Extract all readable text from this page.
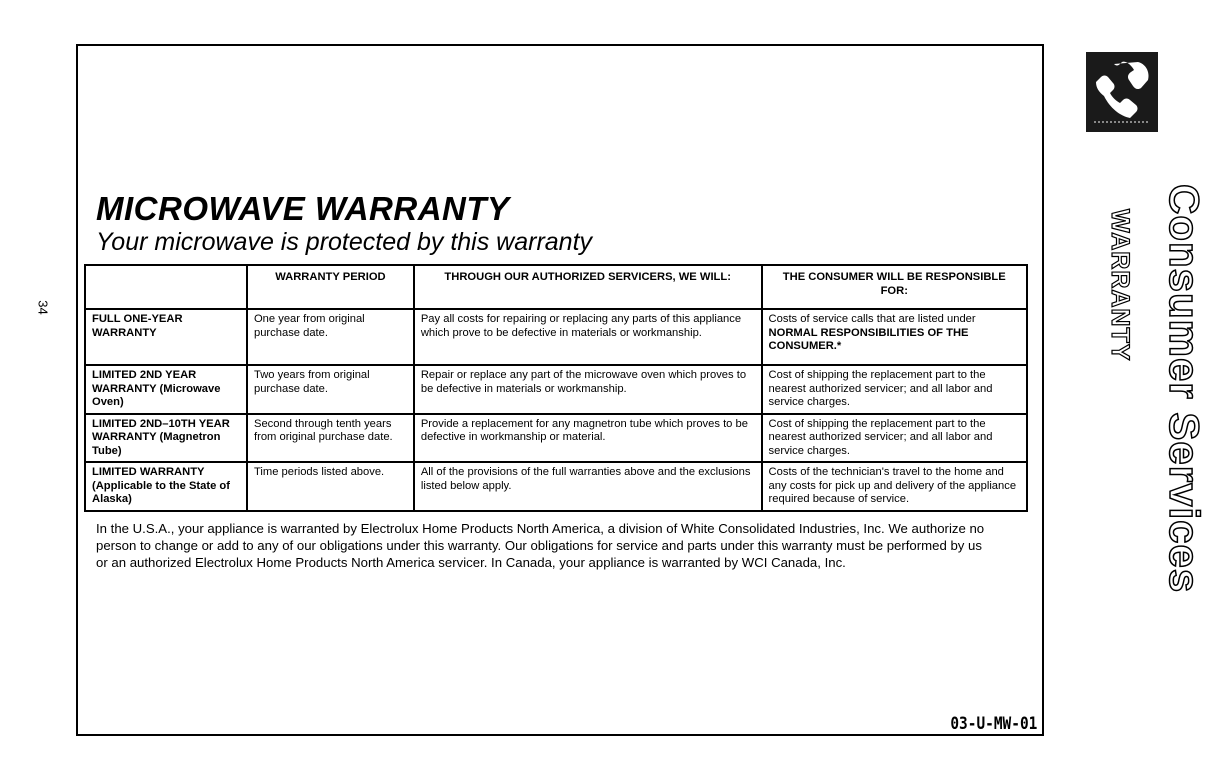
34
MICROWAVE WARRANTY
Your microwave is protected by this warranty
	WARRANTY PERIOD	THROUGH OUR AUTHORIZED SERVICERS, WE WILL:	THE CONSUMER WILL BE RESPONSIBLE FOR:
FULL ONE-YEAR WARRANTY	One year from original purchase date.	Pay all costs for repairing or replacing any parts of this appliance which prove to be defective in materials or workmanship.	Costs of service calls that are listed under NORMAL RESPONSIBILITIES OF THE CONSUMER.*
LIMITED 2ND YEAR WARRANTY (Microwave Oven)	Two years from original purchase date.	Repair or replace any part of the microwave oven which proves to be defective in materials or workmanship.	Cost of shipping the replacement part to the nearest authorized servicer; and all labor and service charges.
LIMITED 2ND–10TH YEAR WARRANTY (Magnetron Tube)	Second through tenth years from original purchase date.	Provide a replacement for any magnetron tube which proves to be defective in workmanship or material.	Cost of shipping the replacement part to the nearest authorized servicer; and all labor and service charges.
LIMITED WARRANTY (Applicable to the State of Alaska)	Time periods listed above.	All of the provisions of the full warranties above and the exclusions listed below apply.	Costs of the technician's travel to the home and any costs for pick up and delivery of the appliance required because of service.
In the U.S.A., your appliance is warranted by Electrolux Home Products North America, a division of White Consolidated Industries, Inc. We authorize no person to change or add to any of our obligations under this warranty. Our obligations for service and parts under this warranty must be performed by us or an authorized Electrolux Home Products North America servicer. In Canada, your appliance is warranted by WCI Canada, Inc.
03-U-MW-01
Consumer Services
WARRANTY
